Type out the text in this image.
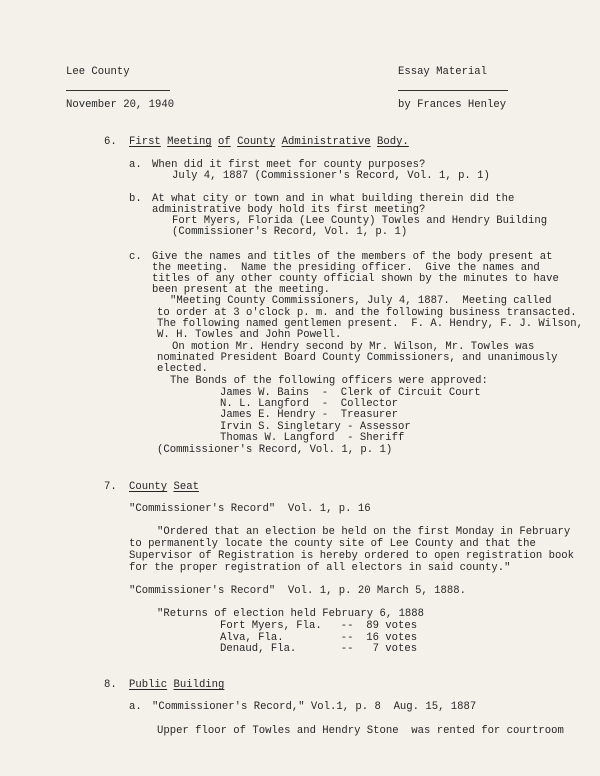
Lee County	Essay Material
November 20, 1940	by Frances Henley
6. First Meeting of County Administrative Body.
a. When did it first meet for county purposes?
July 4, 1887 (Commissioner's Record, Vol. 1, p. 1)
b. At what city or town and in what building therein did the
administrative body hold its first meeting?
Fort Myers, Florida (Lee County) Towles and Hendry Building
(Commissioner's Record, Vol. 1, p. 1)
c. Give the names and titles of the members of the body present at
the meeting.  Name the presiding officer.  Give the names and
titles of any other county official shown by the minutes to have
been present at the meeting.
"Meeting County Commissioners, July 4, 1887.  Meeting called
to order at 3 o'clock p. m. and the following business transacted.
The following named gentlemen present.  F. A. Hendry, F. J. Wilson,
W. H. Towles and John Powell.
On motion Mr. Hendry second by Mr. Wilson, Mr. Towles was
nominated President Board County Commissioners, and unanimously
elected.
The Bonds of the following officers were approved:
James W. Bains  -  Clerk of Circuit Court
N. L. Langford  -  Collector
James E. Hendry -  Treasurer
Irvin S. Singletary - Assessor
Thomas W. Langford  - Sheriff
(Commissioner's Record, Vol. 1, p. 1)
7. County Seat
"Commissioner's Record"  Vol. 1, p. 16
"Ordered that an election be held on the first Monday in February
to permanently locate the county site of Lee County and that the
Supervisor of Registration is hereby ordered to open registration book
for the proper registration of all electors in said county."
"Commissioner's Record"  Vol. 1, p. 20 March 5, 1888.
"Returns of election held February 6, 1888
Fort Myers, Fla.   --  89 votes
Alva, Fla.         --  16 votes
Denaud, Fla.       --   7 votes
8. Public Building
a. "Commissioner's Record," Vol.1, p. 8  Aug. 15, 1887
Upper floor of Towles and Hendry Stone  was rented for courtroom
